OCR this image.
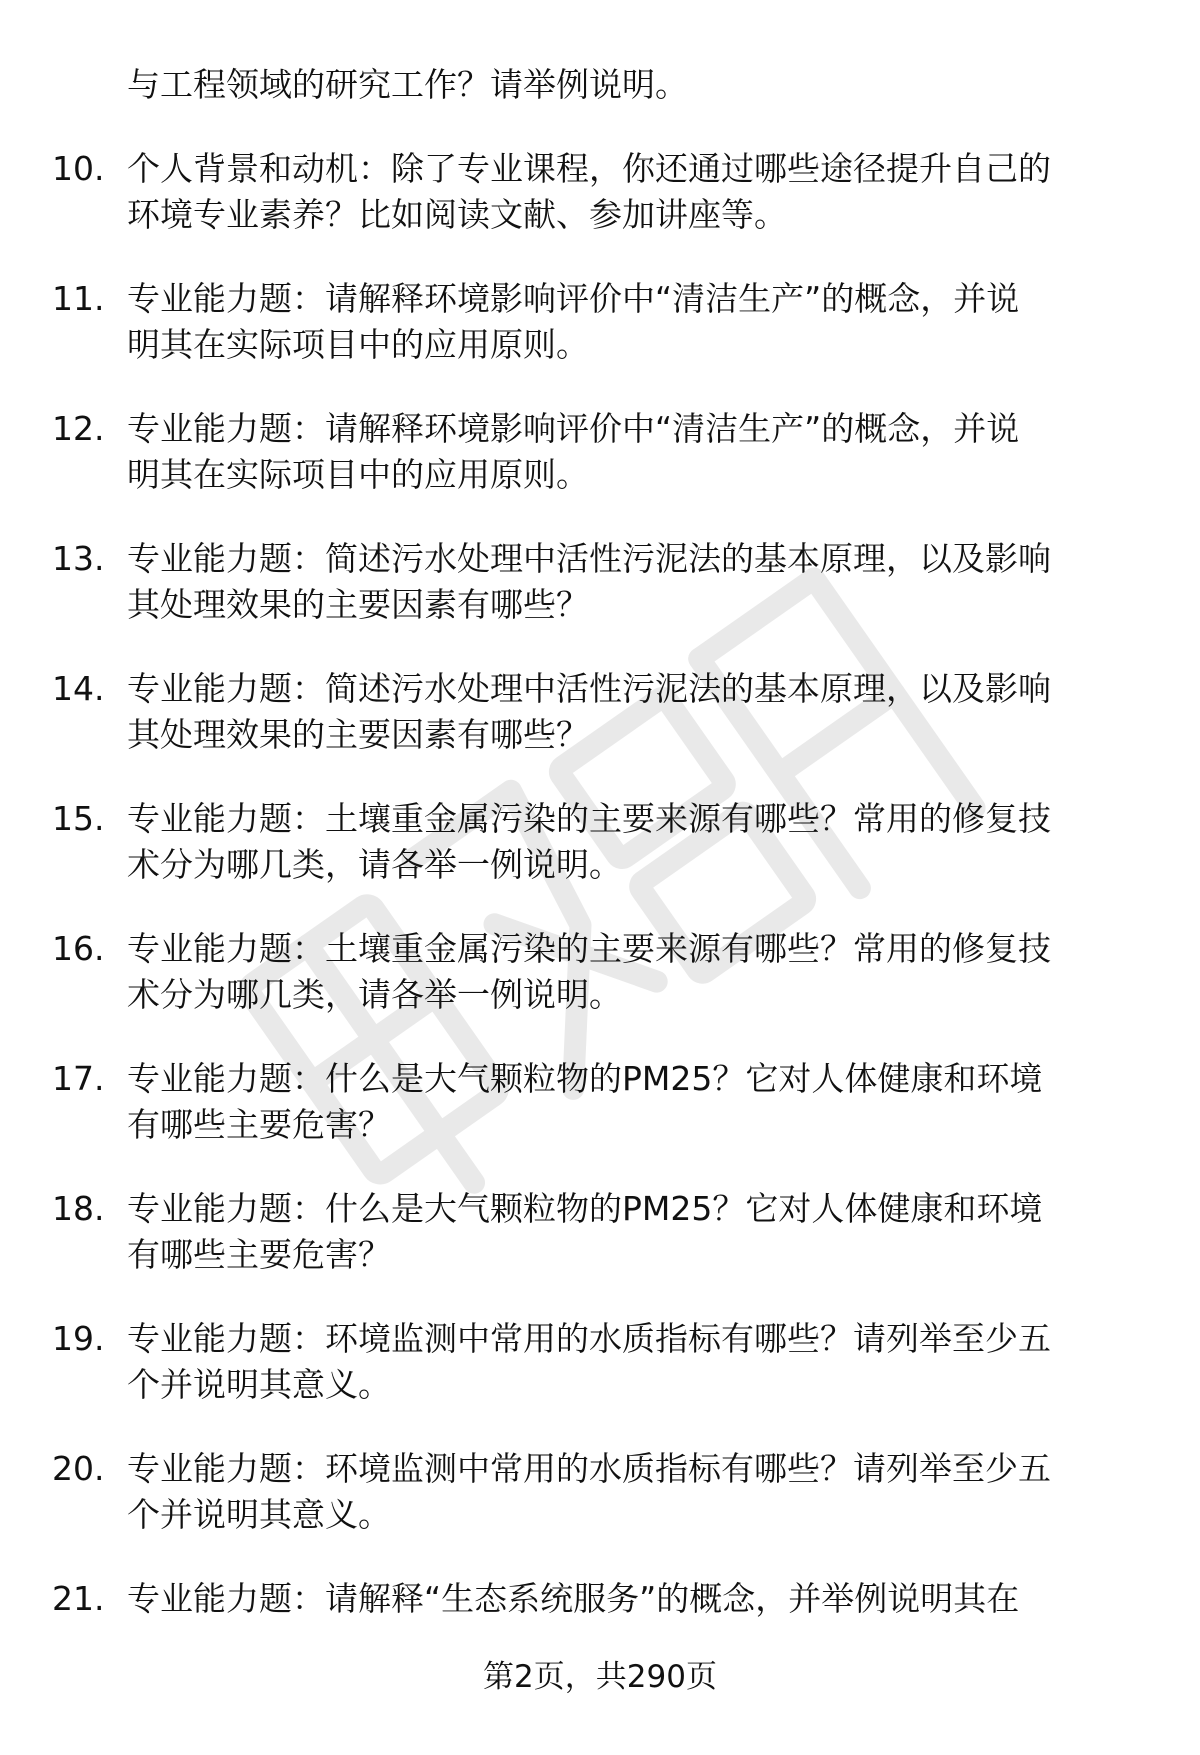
与工程领域的研究工作？请举例说明。
10. 个人背景和动机：除了专业课程，你还通过哪些途径提升自己的
环境专业素养？比如阅读文献、参加讲座等。
11. 专业能力题：请解释环境影响评价中“清洁生产”的概念，并说
明其在实际项目中的应用原则。
12. 专业能力题：请解释环境影响评价中“清洁生产”的概念，并说
明其在实际项目中的应用原则。
13. 专业能力题：简述污水处理中活性污泥法的基本原理，以及影响
其处理效果的主要因素有哪些？
14. 专业能力题：简述污水处理中活性污泥法的基本原理，以及影响
其处理效果的主要因素有哪些？
15. 专业能力题：土壤重金属污染的主要来源有哪些？常用的修复技
术分为哪几类，请各举一例说明。
16. 专业能力题：土壤重金属污染的主要来源有哪些？常用的修复技
术分为哪几类，请各举一例说明。
17. 专业能力题：什么是大气颗粒物的PM25？它对人体健康和环境
有哪些主要危害？
18. 专业能力题：什么是大气颗粒物的PM25？它对人体健康和环境
有哪些主要危害？
19. 专业能力题：环境监测中常用的水质指标有哪些？请列举至少五
个并说明其意义。
20. 专业能力题：环境监测中常用的水质指标有哪些？请列举至少五
个并说明其意义。
21. 专业能力题：请解释“生态系统服务”的概念，并举例说明其在
第2页，共290页
